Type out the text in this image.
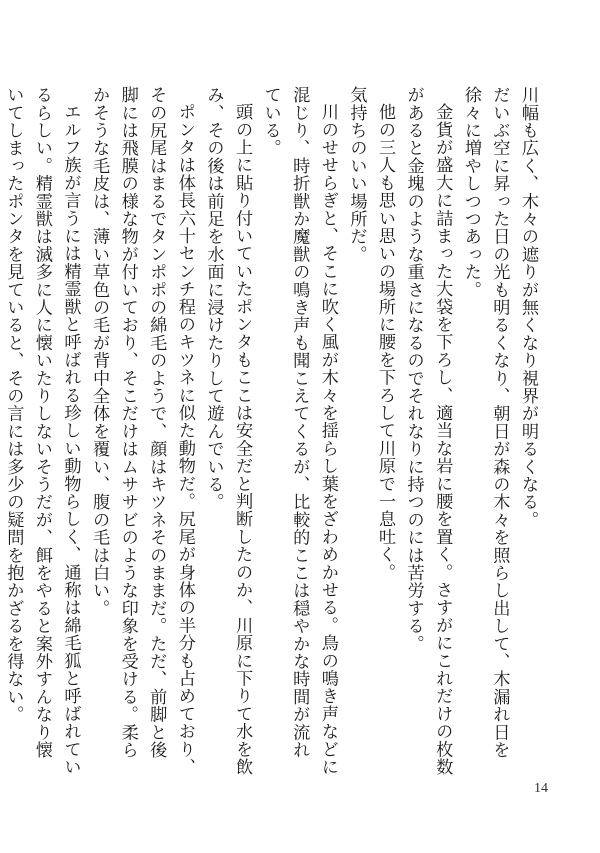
川幅も広く、木々の遮りが無くなり視界が明るくなる。

だいぶ空に昇った日の光も明るくなり、朝日が森の木々を照らし出して、木漏れ日を徐々に増やしつつあった。

金貨が盛大に詰まった大袋を下ろし、適当な岩に腰を置く。さすがにこれだけの枚数があると金塊のような重さになるのでそれなりに持つのには苦労する。

他の三人も思い思いの場所に腰を下ろして川原で一息吐く。

気持ちのいい場所だ。

川のせせらぎと、そこに吹く風が木々を揺らし葉をざわめかせる。鳥の鳴き声などに混じり、時折獣か魔獣の鳴き声も聞こえてくるが、比較的ここは穏やかな時間が流れている。

頭の上に貼り付いていたポンタもここは安全だと判断したのか、川原に下りて水を飲み、その後は前足を水面に浸けたりして遊んでいる。

ポンタは体長六十センチ程のキツネに似た動物だ。尻尾が身体の半分も占めており、その尻尾はまるでタンポポの綿毛のようで、顔はキツネそのままだ。ただ、前脚と後脚には飛膜の様な物が付いており、そこだけはムササビのような印象を受ける。柔らかそうな毛皮は、薄い草色の毛が背中全体を覆い、腹の毛は白い。

エルフ族が言うには精霊獣と呼ばれる珍しい動物らしく、通称は綿毛狐と呼ばれているらしい。精霊獣は滅多に人に懐いたりしないそうだが、餌をやると案外すんなり懐いてしまったポンタを見ていると、その言には多少の疑問を抱かざるを得ない。

14
